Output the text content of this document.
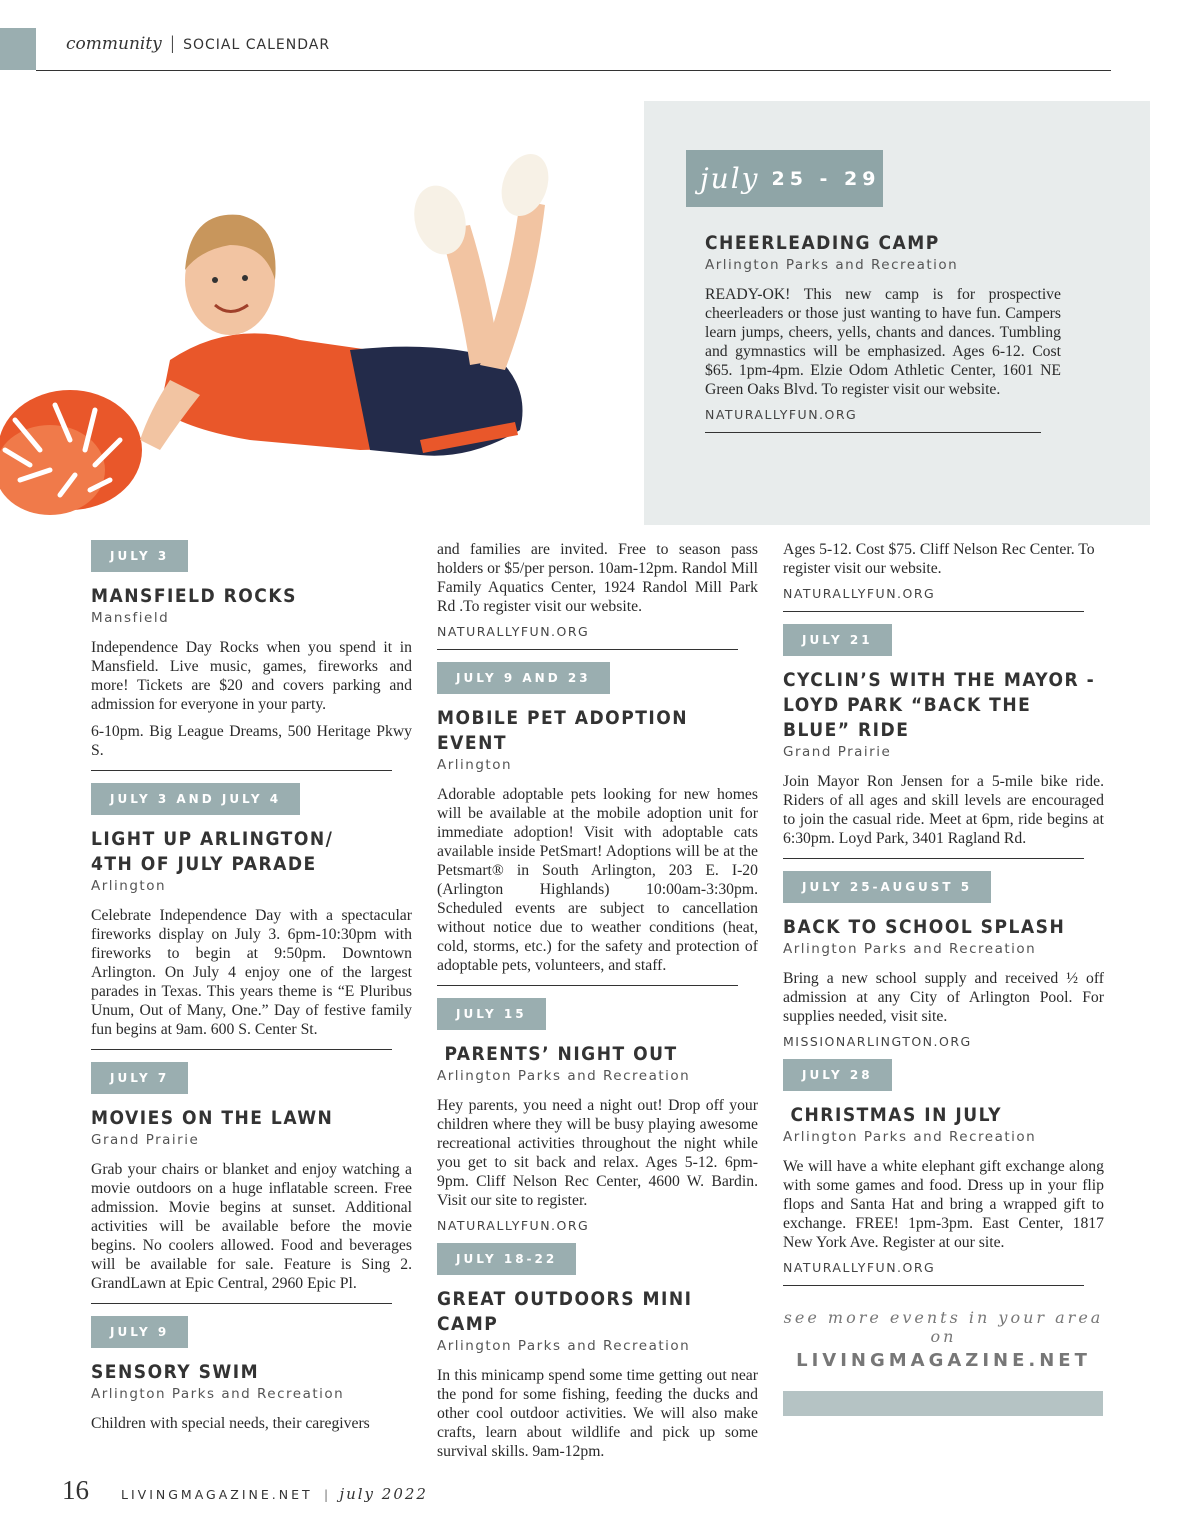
community | SOCIAL CALENDAR
july 25 - 29
CHEERLEADING CAMP
Arlington Parks and Recreation
READY-OK! This new camp is for prospective cheerleaders or those just wanting to have fun. Campers learn jumps, cheers, yells, chants and dances. Tumbling and gymnastics will be emphasized. Ages 6-12. Cost $65. 1pm-4pm. Elzie Odom Athletic Center, 1601 NE Green Oaks Blvd. To register visit our website.
NATURALLYFUN.ORG
JULY 3
MANSFIELD ROCKS
Mansfield
Independence Day Rocks when you spend it in Mansfield. Live music, games, fireworks and more! Tickets are $20 and covers parking and admission for everyone in your party.
6-10pm. Big League Dreams, 500 Heritage Pkwy S.
JULY 3 AND JULY 4
LIGHT UP ARLINGTON/
4TH OF JULY PARADE
Arlington
Celebrate Independence Day with a spectacular fireworks display on July 3. 6pm-10:30pm with fireworks to begin at 9:50pm. Downtown Arlington. On July 4 enjoy one of the largest parades in Texas. This years theme is “E Pluribus Unum, Out of Many, One.” Day of festive family fun begins at 9am. 600 S. Center St.
JULY 7
MOVIES ON THE LAWN
Grand Prairie
Grab your chairs or blanket and enjoy watching a movie outdoors on a huge inflatable screen. Free admission. Movie begins at sunset. Additional activities will be available before the movie begins. No coolers allowed. Food and beverages will be available for sale. Feature is Sing 2. GrandLawn at Epic Central, 2960 Epic Pl.
JULY 9
SENSORY SWIM
Arlington Parks and Recreation
Children with special needs, their caregivers
and families are invited. Free to season pass holders or $5/per person. 10am-12pm. Randol Mill Family Aquatics Center, 1924 Randol Mill Park Rd .To register visit our website.
NATURALLYFUN.ORG
JULY 9 AND 23
MOBILE PET ADOPTION EVENT
Arlington
Adorable adoptable pets looking for new homes will be available at the mobile adoption unit for immediate adoption! Visit with adoptable cats available inside PetSmart! Adoptions will be at the Petsmart® in South Arlington, 203 E. I-20 (Arlington Highlands) 10:00am-3:30pm. Scheduled events are subject to cancellation without notice due to weather conditions (heat, cold, storms, etc.) for the safety and protection of adoptable pets, volunteers, and staff.
JULY 15
PARENTS’ NIGHT OUT
Arlington Parks and Recreation
Hey parents, you need a night out! Drop off your children where they will be busy playing awesome recreational activities throughout the night while you get to sit back and relax. Ages 5-12. 6pm-9pm. Cliff Nelson Rec Center, 4600 W. Bardin. Visit our site to register.
NATURALLYFUN.ORG
JULY 18-22
GREAT OUTDOORS MINI CAMP
Arlington Parks and Recreation
In this minicamp spend some time getting out near the pond for some fishing, feeding the ducks and other cool outdoor activities. We will also make crafts, learn about wildlife and pick up some survival skills. 9am-12pm.
Ages 5-12. Cost $75. Cliff Nelson Rec Center. To register visit our website.
NATURALLYFUN.ORG
JULY 21
CYCLIN’S WITH THE MAYOR -
LOYD PARK “BACK THE
BLUE” RIDE
Grand Prairie
Join Mayor Ron Jensen for a 5-mile bike ride. Riders of all ages and skill levels are encouraged to join the casual ride. Meet at 6pm, ride begins at 6:30pm. Loyd Park, 3401 Ragland Rd.
JULY 25-AUGUST 5
BACK TO SCHOOL SPLASH
Arlington Parks and Recreation
Bring a new school supply and received ½ off admission at any City of Arlington Pool. For supplies needed, visit site.
MISSIONARLINGTON.ORG
JULY 28
CHRISTMAS IN JULY
Arlington Parks and Recreation
We will have a white elephant gift exchange along with some games and food. Dress up in your flip flops and Santa Hat and bring a wrapped gift to exchange. FREE! 1pm-3pm. East Center, 1817 New York Ave. Register at our site.
NATURALLYFUN.ORG
see more events in your area on
LIVINGMAGAZINE.NET
16	LIVINGMAGAZINE.NET | july 2022
